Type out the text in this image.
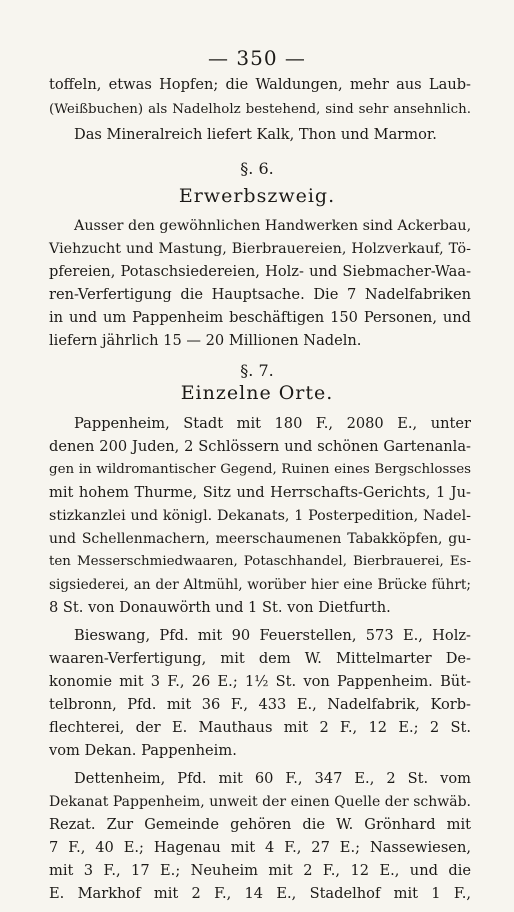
— 350 —
toffeln, etwas Hopfen; die Waldungen, mehr aus Laub-
(Weißbuchen) als Nadelholz bestehend, sind sehr ansehnlich.
Das Mineralreich liefert Kalk, Thon und Marmor.
§. 6.
Erwerbszweig.
Ausser den gewöhnlichen Handwerken sind Ackerbau,
Viehzucht und Mastung, Bierbrauereien, Holzverkauf, Tö-
pfereien, Potaschsiedereien, Holz- und Siebmacher-Waa-
ren-Verfertigung die Hauptsache. Die 7 Nadelfabriken
in und um Pappenheim beschäftigen 150 Personen, und
liefern jährlich 15 — 20 Millionen Nadeln.
§. 7.
Einzelne Orte.
Pappenheim, Stadt mit 180 F., 2080 E., unter
denen 200 Juden, 2 Schlössern und schönen Gartenanla-
gen in wildromantischer Gegend, Ruinen eines Bergschlosses
mit hohem Thurme, Sitz und Herrschafts-Gerichts, 1 Ju-
stizkanzlei und königl. Dekanats, 1 Posterpedition, Nadel-
und Schellenmachern, meerschaumenen Tabakköpfen, gu-
ten Messerschmiedwaaren, Potaschhandel, Bierbrauerei, Es-
sigsiederei, an der Altmühl, worüber hier eine Brücke führt;
8 St. von Donauwörth und 1 St. von Dietfurth.
Bieswang, Pfd. mit 90 Feuerstellen, 573 E., Holz-
waaren-Verfertigung, mit dem W. Mittelmarter De-
konomie mit 3 F., 26 E.; 1½ St. von Pappenheim. Büt-
telbronn, Pfd. mit 36 F., 433 E., Nadelfabrik, Korb-
flechterei, der E. Mauthaus mit 2 F., 12 E.; 2 St.
vom Dekan. Pappenheim.
Dettenheim, Pfd. mit 60 F., 347 E., 2 St. vom
Dekanat Pappenheim, unweit der einen Quelle der schwäb.
Rezat. Zur Gemeinde gehören die W. Grönhard mit
7 F., 40 E.; Hagenau mit 4 F., 27 E.; Nassewiesen,
mit 3 F., 17 E.; Neuheim mit 2 F., 12 E., und die
E. Markhof mit 2 F., 14 E., Stadelhof mit 1 F.,
